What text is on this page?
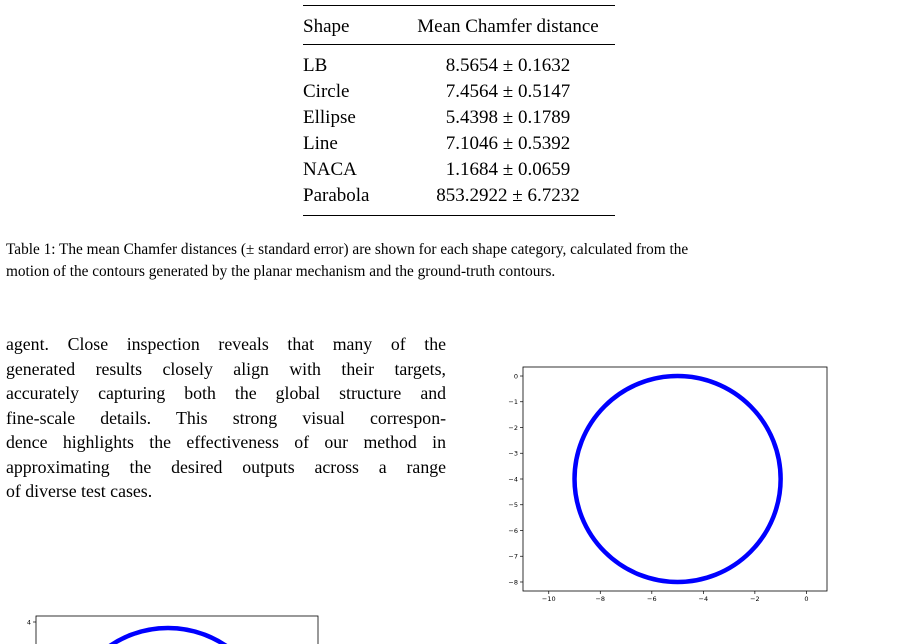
Shape	Mean Chamfer distance
LB	8.5654 ± 0.1632
Circle	7.4564 ± 0.5147
Ellipse	5.4398 ± 0.1789
Line	7.1046 ± 0.5392
NACA	1.1684 ± 0.0659
Parabola	853.2922 ± 6.7232
Table 1: The mean Chamfer distances (± standard error) are shown for each shape category, calculated from the
motion of the contours generated by the planar mechanism and the ground-truth contours.
agent. Close inspection reveals that many of the
generated results closely align with their targets,
accurately capturing both the global structure and
fine-scale details. This strong visual correspon-
dence highlights the effectiveness of our method in
approximating the desired outputs across a range
of diverse test cases.
−10	−8	−6	−4	−2	0
0
−1
−2
−3
−4
−5
−6
−7
−8
4
